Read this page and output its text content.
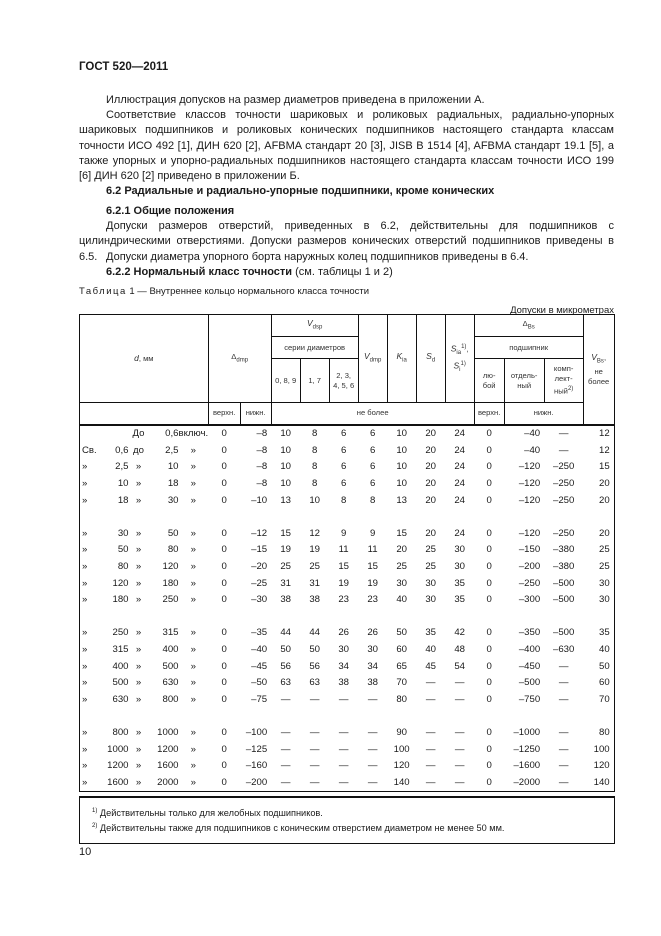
ГОСТ 520—2011
Иллюстрация допусков на размер диаметров приведена в приложении А.
Соответствие классов точности шариковых и роликовых радиальных, радиально-упорных шариковых подшипников и роликовых конических подшипников настоящего стандарта классам точности ИСО 492 [1], ДИН 620 [2], AFBMA стандарт 20 [3], JISB B 1514 [4], AFBMA стандарт 19.1 [5], а также упорных и упорно-радиальных подшипников настоящего стандарта классам точности ИСО 199 [6] ДИН 620 [2] приведено в приложении Б.
6.2 Радиальные и радиально-упорные подшипники, кроме конических
6.2.1 Общие положения
Допуски размеров отверстий, приведенных в 6.2, действительны для подшипников с цилиндрическими отверстиями. Допуски размеров конических отверстий подшипников приведены в 6.5. Допуски диаметра упорного борта наружных колец подшипников приведены в 6.4.
6.2.2 Нормальный класс точности (см. таблицы 1 и 2)
Таблица 1 — Внутреннее кольцо нормального класса точности
Допуски в микрометрах
d, мм					$\Delta_{dmp}$		$V_{dsp}$			$V_{dmp}$	$K_{ia}$	$S_d$	$S_{ia}^{1)}$,
$S_i^{1)}$	$\Delta_{Bs}$			$V_{Bs}$,
не
более
							серии диаметров							подшипник			
							0, 8, 9	1, 7	2, 3,
4, 5, 6					лю-
бой	отдель-
ный	комп-
лект-
ный$^{2)}$
					верхн.	нижн.	не более							верхн.	нижн.		
		До	0,6	включ.	0	–8	10	8	6	6	10	20	24	0	–40	—	12
Св.	0,6	до	2,5	»	0	–8	10	8	6	6	10	20	24	0	–40	—	12
»	2,5	»	10	»	0	–8	10	8	6	6	10	20	24	0	–120	–250	15
»	10	»	18	»	0	–8	10	8	6	6	10	20	24	0	–120	–250	20
»	18	»	30	»	0	–10	13	10	8	8	13	20	24	0	–120	–250	20

»	30	»	50	»	0	–12	15	12	9	9	15	20	24	0	–120	–250	20
»	50	»	80	»	0	–15	19	19	11	11	20	25	30	0	–150	–380	25
»	80	»	120	»	0	–20	25	25	15	15	25	25	30	0	–200	–380	25
»	120	»	180	»	0	–25	31	31	19	19	30	30	35	0	–250	–500	30
»	180	»	250	»	0	–30	38	38	23	23	40	30	35	0	–300	–500	30

»	250	»	315	»	0	–35	44	44	26	26	50	35	42	0	–350	–500	35
»	315	»	400	»	0	–40	50	50	30	30	60	40	48	0	–400	–630	40
»	400	»	500	»	0	–45	56	56	34	34	65	45	54	0	–450	—	50
»	500	»	630	»	0	–50	63	63	38	38	70	—	—	0	–500	—	60
»	630	»	800	»	0	–75	—	—	—	—	80	—	—	0	–750	—	70

»	800	»	1000	»	0	–100	—	—	—	—	90	—	—	0	–1000	—	80
»	1000	»	1200	»	0	–125	—	—	—	—	100	—	—	0	–1250	—	100
»	1200	»	1600	»	0	–160	—	—	—	—	120	—	—	0	–1600	—	120
»	1600	»	2000	»	0	–200	—	—	—	—	140	—	—	0	–2000	—	140
$^{1)}$ Действительны только для желобных подшипников.
$^{2)}$ Действительны также для подшипников с коническим отверстием диаметром не менее 50 мм.
10
